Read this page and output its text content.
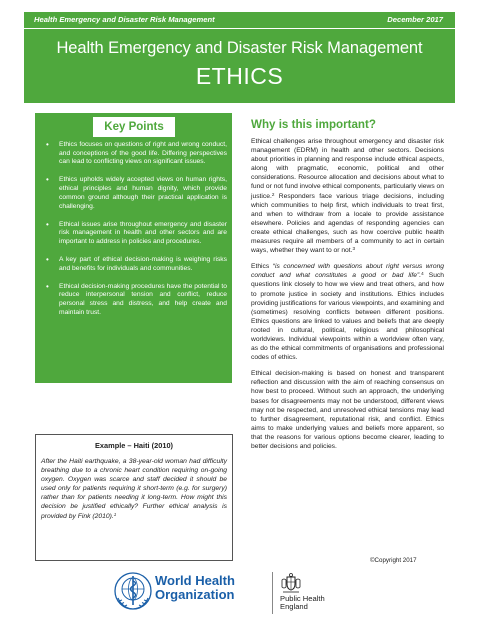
Health Emergency and Disaster Risk Management	December 2017
Health Emergency and Disaster Risk Management
ETHICS
Key Points
• Ethics focuses on questions of right and wrong conduct, and conceptions of the good life. Differing perspectives can lead to conflicting views on significant issues.
• Ethics upholds widely accepted views on human rights, ethical principles and human dignity, which provide common ground although their practical application is challenging.
• Ethical issues arise throughout emergency and disaster risk management in health and other sectors and are important to address in policies and procedures.
• A key part of ethical decision-making is weighing risks and benefits for individuals and communities.
• Ethical decision-making procedures have the potential to reduce interpersonal tension and conflict, reduce personal stress and distress, and help create and maintain trust.
Example – Haiti (2010)
After the Haiti earthquake, a 38-year-old woman had difficulty breathing due to a chronic heart condition requiring on-going oxygen. Oxygen was scarce and staff decided it should be used only for patients requiring it short-term (e.g. for surgery) rather than for patients needing it long-term. How might this decision be justified ethically? Further ethical analysis is provided by Fink (2010).$^1$
Why is this important?

Ethical challenges arise throughout emergency and disaster risk management (EDRM) in health and other sectors. Decisions about priorities in planning and response include ethical aspects, along with pragmatic, economic, political and other considerations. Resource allocation and decisions about what to fund or not fund involve ethical components, particularly views on justice.$^2$ Responders face various triage decisions, including which communities to help first, which individuals to treat first, and when to withdraw from a locale to provide assistance elsewhere. Policies and agendas of responding agencies can create ethical challenges, such as how coercive public health measures require all members of a community to act in certain ways, whether they want to or not.$^3$

Ethics “is concerned with questions about right versus wrong conduct and what constitutes a good or bad life”.$^4$ Such questions link closely to how we view and treat others, and how to promote justice in society and institutions. Ethics includes providing justifications for various viewpoints, and examining and (sometimes) resolving conflicts between different positions. Ethics questions are linked to values and beliefs that are deeply rooted in cultural, political, religious and philosophical worldviews. Individual viewpoints within a worldview often vary, as do the ethical commitments of organisations and professional codes of ethics.

Ethical decision-making is based on honest and transparent reflection and discussion with the aim of reaching consensus on how best to proceed. Without such an approach, the underlying bases for disagreements may not be understood, different views may not be respected, and unresolved ethical tensions may lead to further disagreement, reputational risk, and conflict. Ethics aims to make underlying values and beliefs more apparent, so that the reasons for various options become clearer, leading to better decisions and policies.

©Copyright 2017
World Health
Organization	Public Health
England
